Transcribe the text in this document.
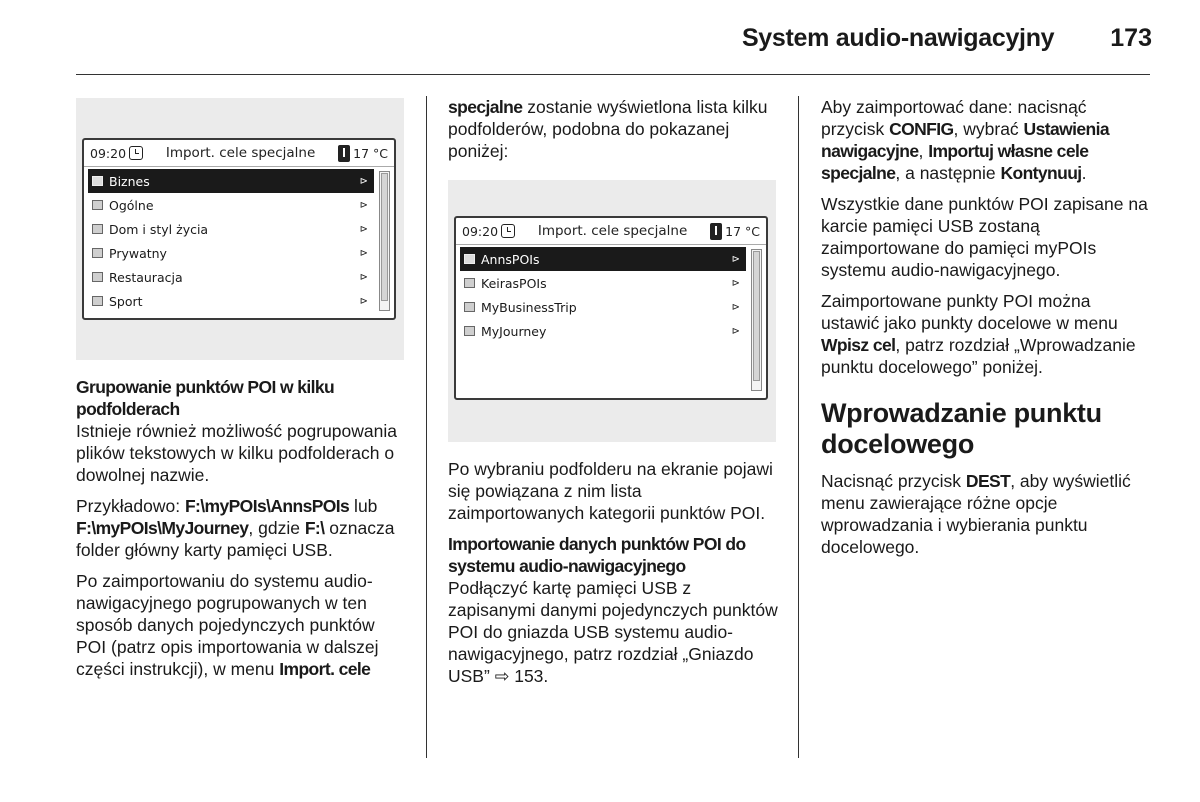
System audio-nawigacyjny 173
09:20	Import. cele specjalne	17 °C
Biznes	⊳
Ogólne	⊳
Dom i styl życia	⊳
Prywatny	⊳
Restauracja	⊳
Sport	⊳
09:20	Import. cele specjalne	17 °C
AnnsPOIs	⊳
KeirasPOIs	⊳
MyBusinessTrip	⊳
MyJourney	⊳

Grupowanie punktów POI w kilku podfolderach
Istnieje również możliwość pogrupowania plików tekstowych w kilku podfolderach o dowolnej nazwie.

Przykładowo: F:\myPOIs\AnnsPOIs lub F:\myPOIs\MyJourney, gdzie F:\ oznacza folder główny karty pamięci USB.

Po zaimportowaniu do systemu audio-nawigacyjnego pogrupowanych w ten sposób danych pojedynczych punktów POI (patrz opis importowania w dalszej części instrukcji), w menu Import. cele

specjalne zostanie wyświetlona lista kilku podfolderów, podobna do pokazanej poniżej:

Po wybraniu podfolderu na ekranie pojawi się powiązana z nim lista zaimportowanych kategorii punktów POI.

Importowanie danych punktów POI do systemu audio-nawigacyjnego
Podłączyć kartę pamięci USB z zapisanymi danymi pojedynczych punktów POI do gniazda USB systemu audio-nawigacyjnego, patrz rozdział „Gniazdo USB” ⇨ 153.

Aby zaimportować dane: nacisnąć przycisk CONFIG, wybrać Ustawienia nawigacyjne, Importuj własne cele specjalne, a następnie Kontynuuj.

Wszystkie dane punktów POI zapisane na karcie pamięci USB zostaną zaimportowane do pamięci myPOIs systemu audio-nawigacyjnego.

Zaimportowane punkty POI można ustawić jako punkty docelowe w menu Wpisz cel, patrz rozdział „Wprowadzanie punktu docelowego” poniżej.

Wprowadzanie punktu docelowego

Nacisnąć przycisk DEST, aby wyświetlić menu zawierające różne opcje wprowadzania i wybierania punktu docelowego.
